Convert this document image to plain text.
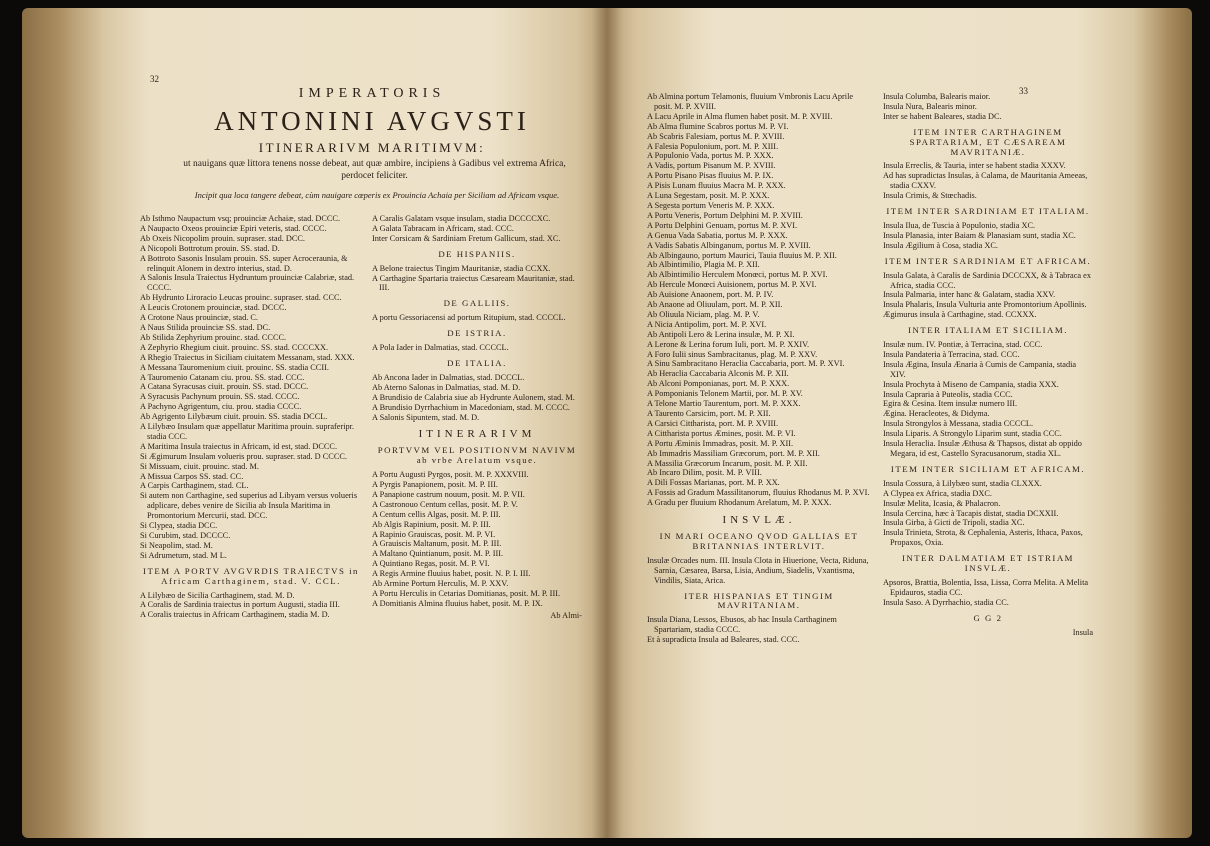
32
IMPERATORIS
ANTONINI AVGVSTI
ITINERARIVM MARITIMVM:
ut nauigans quæ littora tenens nosse debeat, aut quæ ambire, incipiens à Gadibus vel extrema Africa, perdocet feliciter.
Incipit qua loca tangere debeat, cùm nauigare cœperis ex Prouincia Achaia per Siciliam ad Africam vsque.

Ab Isthmo Naupactum vsq; prouinciæ Achaiæ, stad. DCCC.

A Naupacto Oxeos prouinciæ Epiri veteris, stad. CCCC.

Ab Oxeis Nicopolim prouin. supraser. stad. DCC.

A Nicopoli Bottrotum prouin. SS. stad. D.

A Bottroto Sasonis Insulam prouin. SS. super Acroceraunia, & relinquit Alonem in dextro interius, stad. D.

A Salonis Insula Traiectus Hydruntum prouinciæ Calabriæ, stad. CCCC.

Ab Hydrunto Liroracio Leucas prouinc. supraser. stad. CCC.

A Leucis Crotonem prouinciæ, stad. DCCC.

A Crotone Naus prouinciæ, stad. C.

A Naus Stilida prouinciæ SS. stad. DC.

Ab Stilida Zephyrium prouinc. stad. CCCC.

A Zephyrio Rhegium ciuit. prouinc. SS. stad. CCCCXX.

A Rhegio Traiectus in Siciliam ciuitatem Messanam, stad. XXX.

A Messana Tauromenium ciuit. prouinc. SS. stadia CCII.

A Tauromenio Catanam ciu. prou. SS. stad. CCC.

A Catana Syracusas ciuit. prouin. SS. stad. DCCC.

A Syracusis Pachynum prouin. SS. stad. CCCC.

A Pachyno Agrigentum, ciu. prou. stadia CCCC.

Ab Agrigento Lilybæum ciuit. prouin. SS. stadia DCCL.

A Lilybæo Insulam quæ appellatur Maritima prouin. supraferipr. stadia CCC.

A Maritima Insula traiectus in Africam, id est, stad. DCCC.

Si Ægimurum Insulam volueris prou. supraser. stad. D CCCC.

Si Missuam, ciuit. prouinc. stad. M.

A Missua Carpos SS. stad. CC.

A Carpis Carthaginem, stad. CL.

Si autem non Carthagine, sed superius ad Libyam versus volueris adplicare, debes venire de Sicilia ab Insula Maritima in Promontorium Mercurii, stad. DCC.

Si Clypea, stadia DCC.

Si Curubim, stad. DCCCC.

Si Neapolim, stad. M.

Si Adrumetum, stad. M L.

ITEM A PORTV AVGVRDIS TRAIECTVS in Africam Carthaginem, stad. V. CCL.

A Lilybæo de Sicilia Carthaginem, stad. M. D.

A Coralis de Sardinia traiectus in portum Augusti, stadia III.

A Coralis traiectus in Africam Carthaginem, stadia M. D.

A Caralis Galatam vsque insulam, stadia DCCCCXC.

A Galata Tabracam in Africam, stad. CCC.

Inter Corsicam & Sardiniam Fretum Gallicum, stad. XC.

DE HISPANIIS.

A Belone traiectus Tingim Mauritaniæ, stadia CCXX.

A Carthagine Spartaria traiectus Cæsaream Mauritaniæ, stad. III.

DE GALLIIS.

A portu Gessoriacensi ad portum Ritupium, stad. CCCCL.

DE ISTRIA.

A Pola Iader in Dalmatias, stad. CCCCL.

DE ITALIA.

Ab Ancona Iader in Dalmatias, stad. DCCCL.

Ab Aterno Salonas in Dalmatias, stad. M. D.

A Brundisio de Calabria siue ab Hydrunte Aulonem, stad. M.

A Brundisio Dyrrhachium in Macedoniam, stad. M. CCCC.

A Salonis Sipuntem, stad. M. D.

ITINERARIVM

PORTVVM VEL POSITIONVM NAVIVM ab vrbe Arelatum vsque.

A Portu Augusti Pyrgos, posit. M. P. XXXVIII.

A Pyrgis Panapionem, posit. M. P. III.

A Panapione castrum nouum, posit. M. P. VII.

A Castronouo Centum cellas, posit. M. P. V.

A Centum cellis Algas, posit. M. P. III.

Ab Algis Rapinium, posit. M. P. III.

A Rapinio Grauiscas, posit. M. P. VI.

A Grauiscis Maltanum, posit. M. P. III.

A Maltano Quintianum, posit. M. P. III.

A Quintiano Regas, posit. M. P. VI.

A Regis Armine fluuius habet, posit. N. P. I. III.

Ab Armine Portum Herculis, M. P. XXV.

A Portu Herculis in Cetarias Domitianas, posit. M. P. III.

A Domitianis Almina fluuius habet, posit. M. P. IX.

Ab Almi-

33

Ab Almina portum Telamonis, fluuium Vmbronis Lacu Aprile posit. M. P. XVIII.

A Lacu Aprile in Alma flumen habet posit. M. P. XVIII.

Ab Alma flumine Scabros portus M. P. VI.

Ab Scabris Falesiam, portus M. P. XVIII.

A Falesia Populonium, port. M. P. XIII.

A Populonio Vada, portus M. P. XXX.

A Vadis, portum Pisanum M. P. XVIII.

A Portu Pisano Pisas fluuius M. P. IX.

A Pisis Lunam fluuius Macra M. P. XXX.

A Luna Segestam, posit. M. P. XXX.

A Segesta portum Veneris M. P. XXX.

A Portu Veneris, Portum Delphini M. P. XVIII.

A Portu Delphini Genuam, portus M. P. XVI.

A Genua Vada Sabatia, portus M. P. XXX.

A Vadis Sabatis Albinganum, portus M. P. XVIII.

Ab Albingauno, portum Maurici, Tauia fluuius M. P. XII.

Ab Albintimilio, Plagia M. P. XII.

Ab Albintimilio Herculem Monœci, portus M. P. XVI.

Ab Hercule Monœci Auisionem, portus M. P. XVI.

Ab Auisione Anaonem, port. M. P. IV.

Ab Anaone ad Oliuulam, port. M. P. XII.

Ab Oliuula Niciam, plag. M. P. V.

A Nicia Antipolim, port. M. P. XVI.

Ab Antipoli Lero & Lerina insulæ, M. P. XI.

A Lerone & Lerina forum Iuli, port. M. P. XXIV.

A Foro Iulii sinus Sambracitanus, plag. M. P. XXV.

A Sinu Sambracitano Heraclia Caccabaria, port. M. P. XVI.

Ab Heraclia Caccabaria Alconis M. P. XII.

Ab Alconi Pomponianas, port. M. P. XXX.

A Pomponianis Telonem Martii, por. M. P. XV.

A Telone Martio Taurentum, port. M. P. XXX.

A Taurento Carsicim, port. M. P. XII.

A Carsici Cittharista, port. M. P. XVIII.

A Cittharista portus Æmines, posit. M. P. VI.

A Portu Æminis Immadras, posit. M. P. XII.

Ab Immadris Massiliam Græcorum, port. M. P. XII.

A Massilia Græcorum Incarum, posit. M. P. XII.

Ab Incaro Dilim, posit. M. P. VIII.

A Dili Fossas Marianas, port. M. P. XX.

A Fossis ad Gradum Massilitanorum, fluuius Rhodanus M. P. XVI.

A Gradu per fluuium Rhodanum Arelatum, M. P. XXX.

INSVLÆ.

IN MARI OCEANO QVOD GALLIAS ET BRITANNIAS INTERLVIT.

Insulæ Orcades num. III. Insula Clota in Hiuerione, Vecta, Riduna, Sarnia, Cæsarea, Barsa, Lisia, Andium, Siadelis, Vxantisma, Vindilis, Siata, Arica.

ITER HISPANIAS ET TINGIM MAVRITANIAM.

Insula Diana, Lessos, Ebusos, ab hac Insula Carthaginem Spartariam, stadia CCCC.

Et à supradicta Insula ad Baleares, stad. CCC.

Insula Columba, Balearis maior.

Insula Nura, Balearis minor.

Inter se habent Baleares, stadia DC.

ITEM INTER CARTHAGINEM SPARTARIAM, ET CÆSAREAM MAVRITANIÆ.

Insula Erreclis, & Tauria, inter se habent stadia XXXV.

Ad has supradictas Insulas, à Calama, de Mauritania Ameeas, stadia CXXV.

Insula Crimis, & Stœchadis.

ITEM INTER SARDINIAM ET ITALIAM.

Insula Ilua, de Tuscia à Populonio, stadia XC.

Insula Planasia, inter Baiam & Planasiam sunt, stadia XC.

Insula Ægilium à Cosa, stadia XC.

ITEM INTER SARDINIAM ET AFRICAM.

Insula Galata, à Caralis de Sardinia DCCCXX, & à Tabraca ex Africa, stadia CCC.

Insula Palmaria, inter hanc & Galatam, stadia XXV.

Insula Phalaris, Insula Vulturia ante Promontorium Apollinis.

Ægimurus insula à Carthagine, stad. CCXXX.

INTER ITALIAM ET SICILIAM.

Insulæ num. IV. Pontiæ, à Terracina, stad. CCC.

Insula Pandateria à Terracina, stad. CCC.

Insula Ægina, Insula Ænaria à Cumis de Campania, stadia XIV.

Insula Prochyta à Miseno de Campania, stadia XXX.

Insula Capraria à Puteolis, stadia CCC.

Egira & Cesina. Item insulæ numero III.

Ægina. Heracleotes, & Didyma.

Insula Strongylos à Messana, stadia CCCCL.

Insula Liparis. A Strongylo Liparim sunt, stadia CCC.

Insula Heraclia. Insulæ Æthusa & Thapsos, distat ab oppido Megara, id est, Castello Syracusanorum, stadia XL.

ITEM INTER SICILIAM ET AFRICAM.

Insula Cossura, à Lilybæo sunt, stadia CLXXX.

A Clypea ex Africa, stadia DXC.

Insulæ Melita, Icasia, & Phalacron.

Insula Cercina, hæc à Tacapis distat, stadia DCXXII.

Insula Girba, à Gicti de Tripoli, stadia XC.

Insula Trinieta, Strota, & Cephalenia, Asteris, Ithaca, Paxos, Propaxos, Oxia.

INTER DALMATIAM ET ISTRIAM INSVLÆ.

Apsoros, Brattia, Bolentia, Issa, Lissa, Corra Melita. A Melita Epidauros, stadia CC.

Insula Saso. A Dyrrhachio, stadia CC.

G G 2

Insula
